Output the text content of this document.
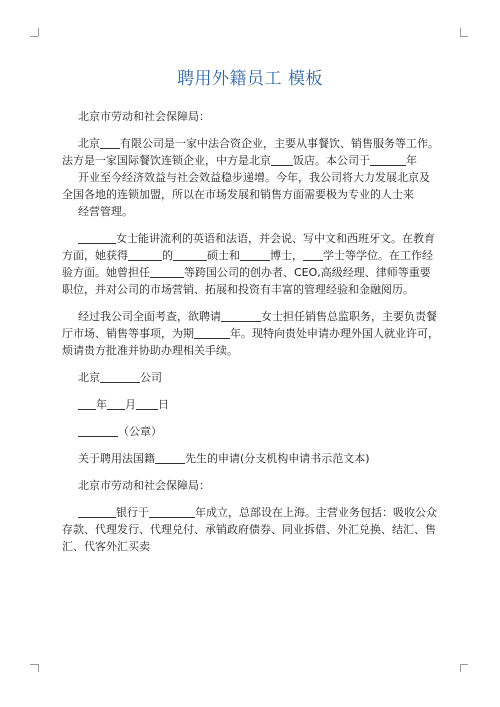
聘用外籍员工 模板

北京市劳动和社会保障局：

北京 有限公司是一家中法合资企业，主要从事餐饮、销售服务等工作。法方是一家国际餐饮连锁企业，中方是北京 饭店。本公司于	年

开业至今经济效益与社会效益稳步递增。今年，我公司将大力发展北京及全国各地的连锁加盟，所以在市场发展和销售方面需要极为专业的人士来

经营管理。

女士能讲流利的英语和法语，并会说、写中文和西班牙文。在教育方面，她获得	的	硕士和	博士， 学士等学位。在工作经验方面。她曾担任	等跨国公司的创办者、CEO,高级经理、律师等重要职位，并对公司的市场营销、拓展和投资有丰富的管理经验和金融阅历。

经过我公司全面考查，欲聘请	女士担任销售总监职务，主要负责餐厅市场、销售等事项，为期	年。现特向贵处申请办理外国人就业许可，烦请贵方批准并协助办理相关手续。

北京	公司

年 月 日

（公章）

关于聘用法国籍	先生的申请(分支机构申请书示范文本)

北京市劳动和社会保障局：

银行于	年成立，总部设在上海。主营业务包括：吸收公众存款、代理发行、代理兑付、承销政府债券、同业拆借、外汇兑换、结汇、售汇、代客外汇买卖
